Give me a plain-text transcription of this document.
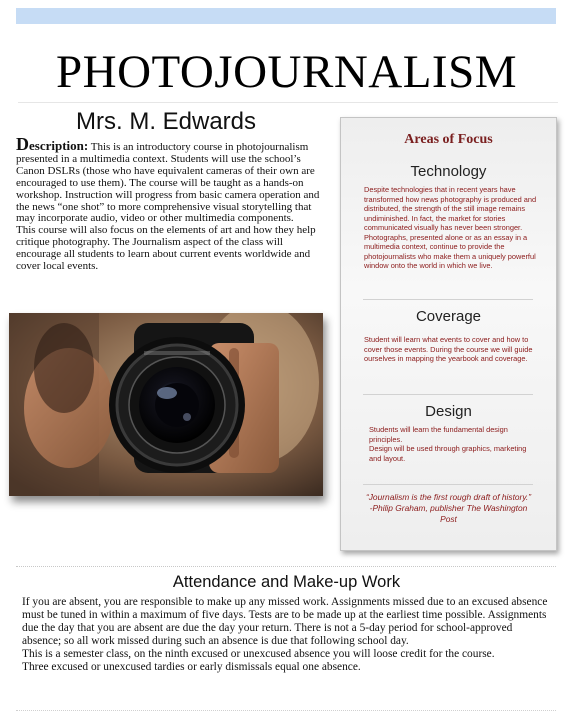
PHOTOJOURNALISM
Mrs. M. Edwards

Description: This is an introductory course in photojournalism presented in a multimedia context. Students will use the school’s Canon DSLRs (those who have equivalent cameras of their own are encouraged to use them). The course will be taught as a hands-on workshop. Instruction will progress from basic camera operation and the news “one shot” to more comprehensive visual storytelling that may incorporate audio, video or other multimedia components.

This course will also focus on the elements of art and how they help critique photography. The Journalism aspect of the class will encourage all students to learn about current events worldwide and cover local events.

Areas of Focus
Technology
Despite technologies that in recent years have transformed how news photography is produced and distributed, the strength of the still image remains undiminished. In fact, the market for stories communicated visually has never been stronger. Photographs, presented alone or as an essay in a multimedia context, continue to provide the photojournalists who make them a uniquely powerful window onto the world in which we live.
Coverage
Student will learn what events to cover and how to cover those events. During the course we will guide ourselves in mapping the yearbook and coverage.
Design

Students will learn the fundamental design principles.

Design will be used through graphics, marketing and layout.

“Journalism is the first rough draft of history.”
-Philip Graham, publisher The Washington Post
Attendance and Make-up Work

If you are absent, you are responsible to make up any missed work. Assignments missed due to an excused absence must be tuned in within a maximum of five days. Tests are to be made up at the earliest time possible. Assignments due the day that you are absent are due the day your return. There is not a 5-day period for school-approved absence; so all work missed during such an absence is due that following school day.

This is a semester class, on the ninth excused or unexcused absence you will loose credit for the course.

Three excused or unexcused tardies or early dismissals equal one absence.
